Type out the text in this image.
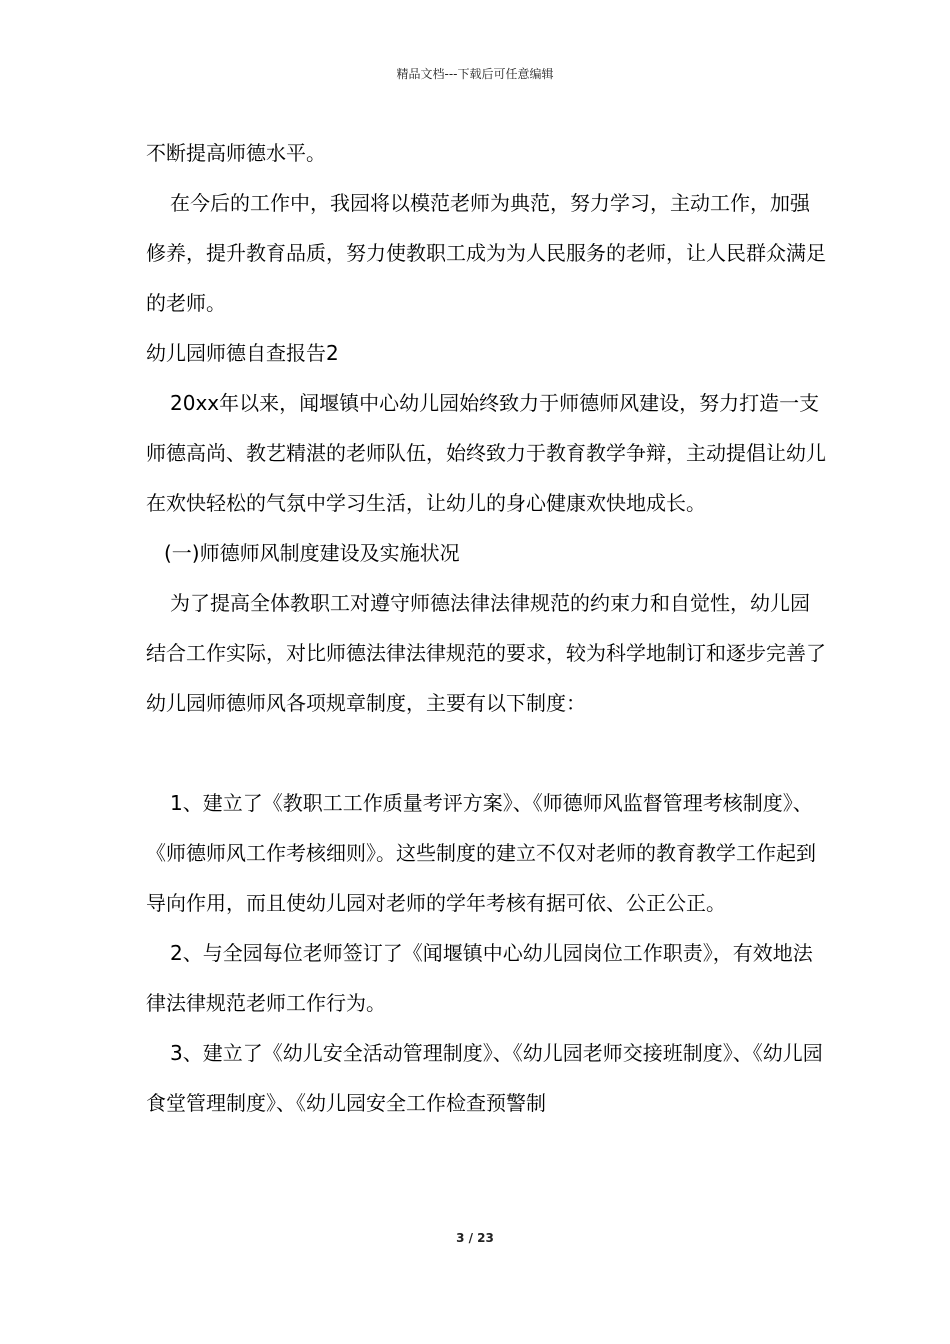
精品文档---下载后可任意编辑

不断提高师德水平。

在今后的工作中，我园将以模范老师为典范，努力学习，主动工作，加强修养，提升教育品质，努力使教职工成为为人民服务的老师，让人民群众满足的老师。

幼儿园师德自查报告2

20xx年以来，闻堰镇中心幼儿园始终致力于师德师风建设，努力打造一支师德高尚、教艺精湛的老师队伍，始终致力于教育教学争辩，主动提倡让幼儿在欢快轻松的气氛中学习生活，让幼儿的身心健康欢快地成长。

(一)师德师风制度建设及实施状况

为了提高全体教职工对遵守师德法律法律规范的约束力和自觉性，幼儿园结合工作实际，对比师德法律法律规范的要求，较为科学地制订和逐步完善了幼儿园师德师风各项规章制度，主要有以下制度：

1、建立了《教职工工作质量考评方案》、《师德师风监督管理考核制度》、《师德师风工作考核细则》。这些制度的建立不仅对老师的教育教学工作起到导向作用，而且使幼儿园对老师的学年考核有据可依、公正公正。

2、与全园每位老师签订了《闻堰镇中心幼儿园岗位工作职责》，有效地法律法律规范老师工作行为。

3、建立了《幼儿安全活动管理制度》、《幼儿园老师交接班制度》、《幼儿园食堂管理制度》、《幼儿园安全工作检查预警制

3 / 23
